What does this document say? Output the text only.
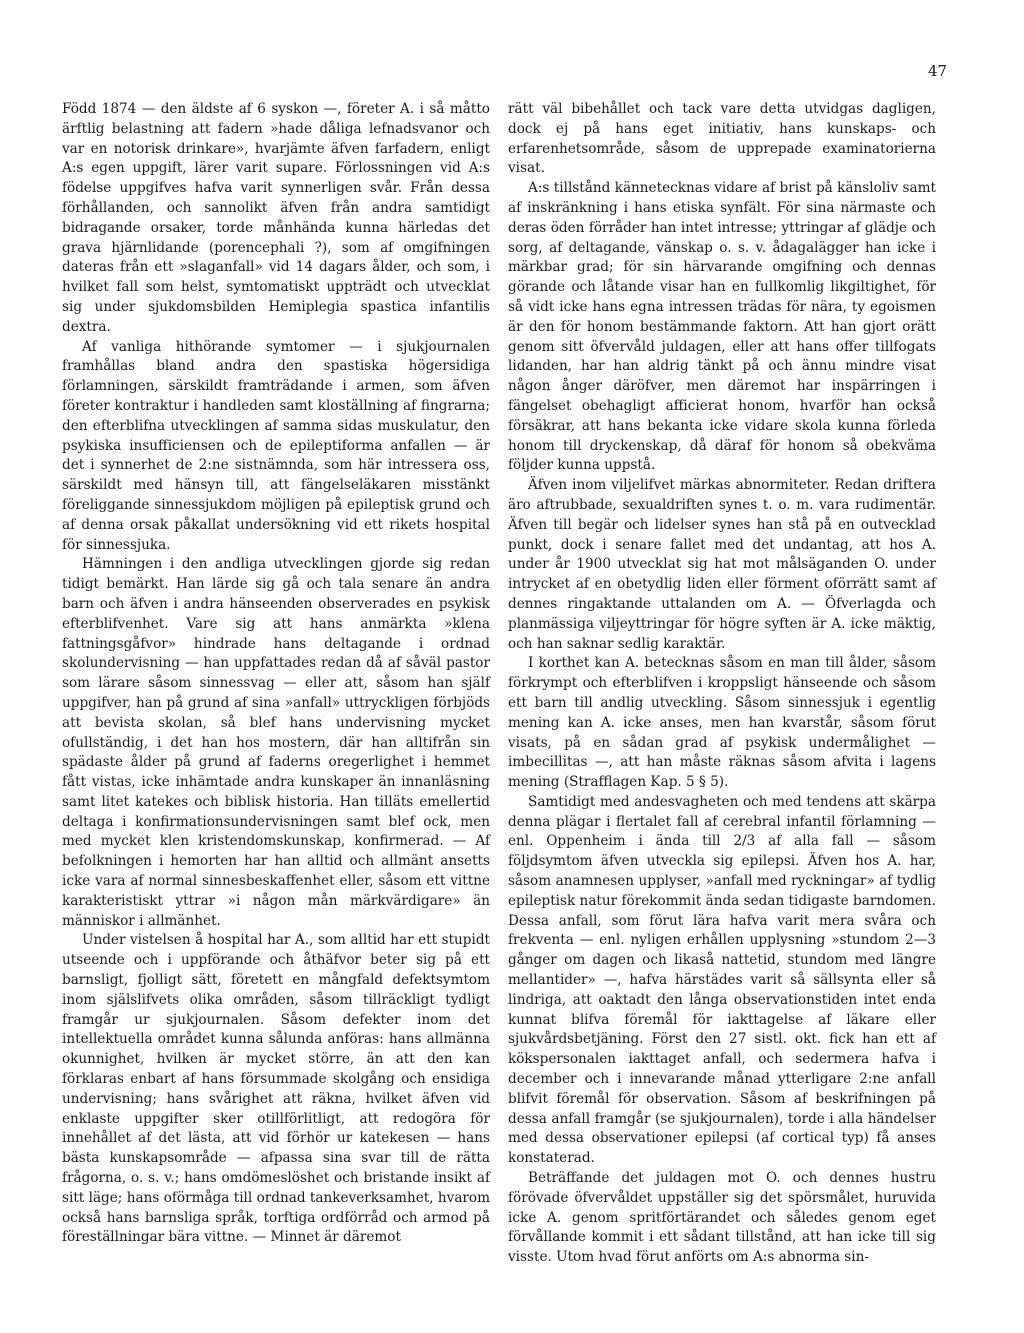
47

Född 1874 — den äldste af 6 syskon —, företer A. i så måtto ärftlig belastning att fadern »hade dåliga lefnadsvanor och var en notorisk drinkare», hvarjämte äfven farfadern, enligt A:s egen uppgift, lärer varit supare. Förlossningen vid A:s födelse uppgifves hafva varit synnerligen svår. Från dessa förhållanden, och sannolikt äfven från andra samtidigt bidragande orsaker, torde månhända kunna härledas det grava hjärnlidande (porencephali ?), som af omgifningen dateras från ett »slaganfall» vid 14 dagars ålder, och som, i hvilket fall som helst, symtomatiskt uppträdt och utvecklat sig under sjukdomsbilden Hemiplegia spastica infantilis dextra.

Af vanliga hithörande symtomer — i sjukjournalen framhållas bland andra den spastiska högersidiga förlamningen, särskildt framträdande i armen, som äfven företer kontraktur i handleden samt kloställning af fingrarna; den efterblifna utvecklingen af samma sidas muskulatur, den psykiska insufficiensen och de epileptiforma anfallen — är det i synnerhet de 2:ne sistnämnda, som här intressera oss, särskildt med hänsyn till, att fängelseläkaren misstänkt föreliggande sinnessjukdom möjligen på epileptisk grund och af denna orsak påkallat undersökning vid ett rikets hospital för sinnessjuka.

Hämningen i den andliga utvecklingen gjorde sig redan tidigt bemärkt. Han lärde sig gå och tala senare än andra barn och äfven i andra hänseenden observerades en psykisk efterblifvenhet. Vare sig att hans anmärkta »klena fattningsgåfvor» hindrade hans deltagande i ordnad skolundervisning — han uppfattades redan då af såväl pastor som lärare såsom sinnessvag — eller att, såsom han själf uppgifver, han på grund af sina »anfall» uttryckligen förbjöds att bevista skolan, så blef hans undervisning mycket ofullständig, i det han hos mostern, där han alltifrån sin spädaste ålder på grund af faderns oregerlighet i hemmet fått vistas, icke inhämtade andra kunskaper än innanläsning samt litet katekes och biblisk historia. Han tilläts emellertid deltaga i konfirmationsundervisningen samt blef ock, men med mycket klen kristendomskunskap, konfirmerad. — Af befolkningen i hemorten har han alltid och allmänt ansetts icke vara af normal sinnesbeskaffenhet eller, såsom ett vittne karakteristiskt yttrar »i någon mån märkvärdigare» än människor i allmänhet.

Under vistelsen å hospital har A., som alltid har ett stupidt utseende och i uppförande och åthäfvor beter sig på ett barnsligt, fjolligt sätt, företett en mångfald defektsymtom inom själslifvets olika områden, såsom tillräckligt tydligt framgår ur sjukjournalen. Såsom defekter inom det intellektuella området kunna sålunda anföras: hans allmänna okunnighet, hvilken är mycket större, än att den kan förklaras enbart af hans försummade skolgång och ensidiga undervisning; hans svårighet att räkna, hvilket äfven vid enklaste uppgifter sker otillförlitligt, att redogöra för innehållet af det lästa, att vid förhör ur katekesen — hans bästa kunskapsområde — afpassa sina svar till de rätta frågorna, o. s. v.; hans omdömeslöshet och bristande insikt af sitt läge; hans oförmåga till ordnad tankeverksamhet, hvarom också hans barnsliga språk, torftiga ordförråd och armod på föreställningar bära vittne. — Minnet är däremot

rätt väl bibehållet och tack vare detta utvidgas dagligen, dock ej på hans eget initiativ, hans kunskaps- och erfarenhetsområde, såsom de upprepade examinatorierna visat.

A:s tillstånd kännetecknas vidare af brist på känsloliv samt af inskränkning i hans etiska synfält. För sina närmaste och deras öden förråder han intet intresse; yttringar af glädje och sorg, af deltagande, vänskap o. s. v. ådagalägger han icke i märkbar grad; för sin härvarande omgifning och dennas görande och låtande visar han en fullkomlig likgiltighet, för så vidt icke hans egna intressen trädas för nära, ty egoismen är den för honom bestämmande faktorn. Att han gjort orätt genom sitt öfvervåld juldagen, eller att hans offer tillfogats lidanden, har han aldrig tänkt på och ännu mindre visat någon ånger däröfver, men däremot har inspärringen i fängelset obehagligt afficierat honom, hvarför han också försäkrar, att hans bekanta icke vidare skola kunna förleda honom till dryckenskap, då däraf för honom så obekväma följder kunna uppstå.

Äfven inom viljelifvet märkas abnormiteter. Redan driftera äro aftrubbade, sexualdriften synes t. o. m. vara rudimentär. Äfven till begär och lidelser synes han stå på en outvecklad punkt, dock i senare fallet med det undantag, att hos A. under år 1900 utvecklat sig hat mot målsäganden O. under intrycket af en obetydlig liden eller förment oförrätt samt af dennes ringaktande uttalanden om A. — Öfverlagda och planmässiga viljeyttringar för högre syften är A. icke mäktig, och han saknar sedlig karaktär.

I korthet kan A. betecknas såsom en man till ålder, såsom förkrympt och efterblifven i kroppsligt hänseende och såsom ett barn till andlig utveckling. Såsom sinnessjuk i egentlig mening kan A. icke anses, men han kvarstår, såsom förut visats, på en sådan grad af psykisk undermålighet — imbecillitas —, att han måste räknas såsom afvita i lagens mening (Strafflagen Kap. 5 § 5).

Samtidigt med andesvagheten och med tendens att skärpa denna plägar i flertalet fall af cerebral infantil förlamning — enl. Oppenheim i ända till 2/3 af alla fall — såsom följdsymtom äfven utveckla sig epilepsi. Äfven hos A. har, såsom anamnesen upplyser, »anfall med ryckningar» af tydlig epileptisk natur förekommit ända sedan tidigaste barndomen. Dessa anfall, som förut lära hafva varit mera svåra och frekventa — enl. nyligen erhållen upplysning »stundom 2—3 gånger om dagen och likaså nattetid, stundom med längre mellantider» —, hafva härstädes varit så sällsynta eller så lindriga, att oaktadt den långa observationstiden intet enda kunnat blifva föremål för iakttagelse af läkare eller sjukvårdsbetjäning. Först den 27 sistl. okt. fick han ett af kökspersonalen iakttaget anfall, och sedermera hafva i december och i innevarande månad ytterligare 2:ne anfall blifvit föremål för observation. Såsom af beskrifningen på dessa anfall framgår (se sjukjournalen), torde i alla händelser med dessa observationer epilepsi (af cortical typ) få anses konstaterad.

Beträffande det juldagen mot O. och dennes hustru förövade öfvervåldet uppställer sig det spörsmålet, huruvida icke A. genom spritförtärandet och således genom eget förvållande kommit i ett sådant tillstånd, att han icke till sig visste. Utom hvad förut anförts om A:s abnorma sin-
